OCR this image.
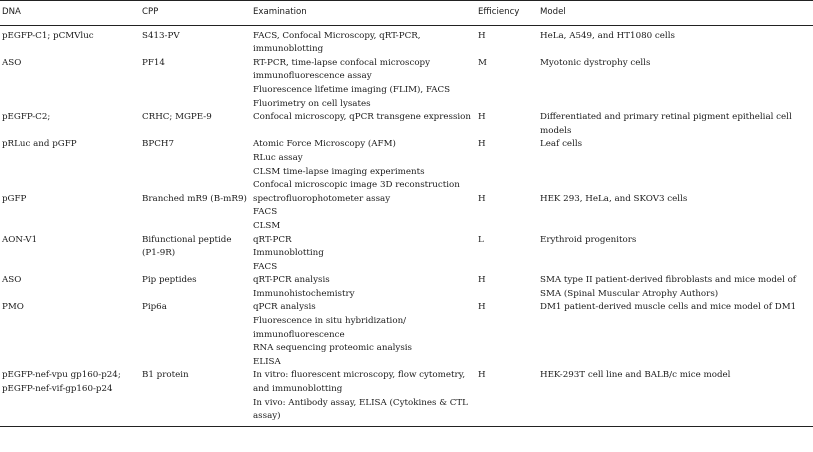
DNA	CPP	Examination	Efficiency	Model

pEGFP-C1; pCMVluc	S413-PV	FACS, Confocal Microscopy, qRT-PCR, immunoblotting	H	HeLa, A549, and HT1080 cells

ASO	PF14	RT-PCR, time-lapse confocal microscopy immunofluorescence assay
Fluorescence lifetime imaging (FLIM), FACS
Fluorimetry on cell lysates	M	Myotonic dystrophy cells

pEGFP-C2;	CRHC; MGPE-9	Confocal microscopy, qPCR transgene expression	H	Differentiated and primary retinal pigment epithelial cell models

pRLuc and pGFP	BPCH7	Atomic Force Microscopy (AFM)
RLuc assay
CLSM time-lapse imaging experiments
Confocal microscopic image 3D reconstruction	H	Leaf cells

pGFP	Branched mR9 (B-mR9)	spectrofluorophotometer assay
FACS
CLSM	H	HEK 293, HeLa, and SKOV3 cells

AON-V1	Bifunctional peptide (P1-9R)	qRT-PCR
Immunoblotting
FACS	L	Erythroid progenitors

ASO	Pip peptides	qRT-PCR analysis
Immunohistochemistry	H	SMA type II patient-derived fibroblasts and mice model of SMA (Spinal Muscular Atrophy Authors)

PMO	Pip6a	qPCR analysis
Fluorescence in situ hybridization/ immunofluorescence
RNA sequencing proteomic analysis
ELISA	H	DM1 patient-derived muscle cells and mice model of DM1

pEGFP-nef-vpu gp160-p24;
pEGFP-nef-vif-gp160-p24	B1 protein	In vitro: fluorescent microscopy, flow cytometry, and immunoblotting
In vivo: Antibody assay, ELISA (Cytokines & CTL assay)	H	HEK-293T cell line and BALB/c mice model
